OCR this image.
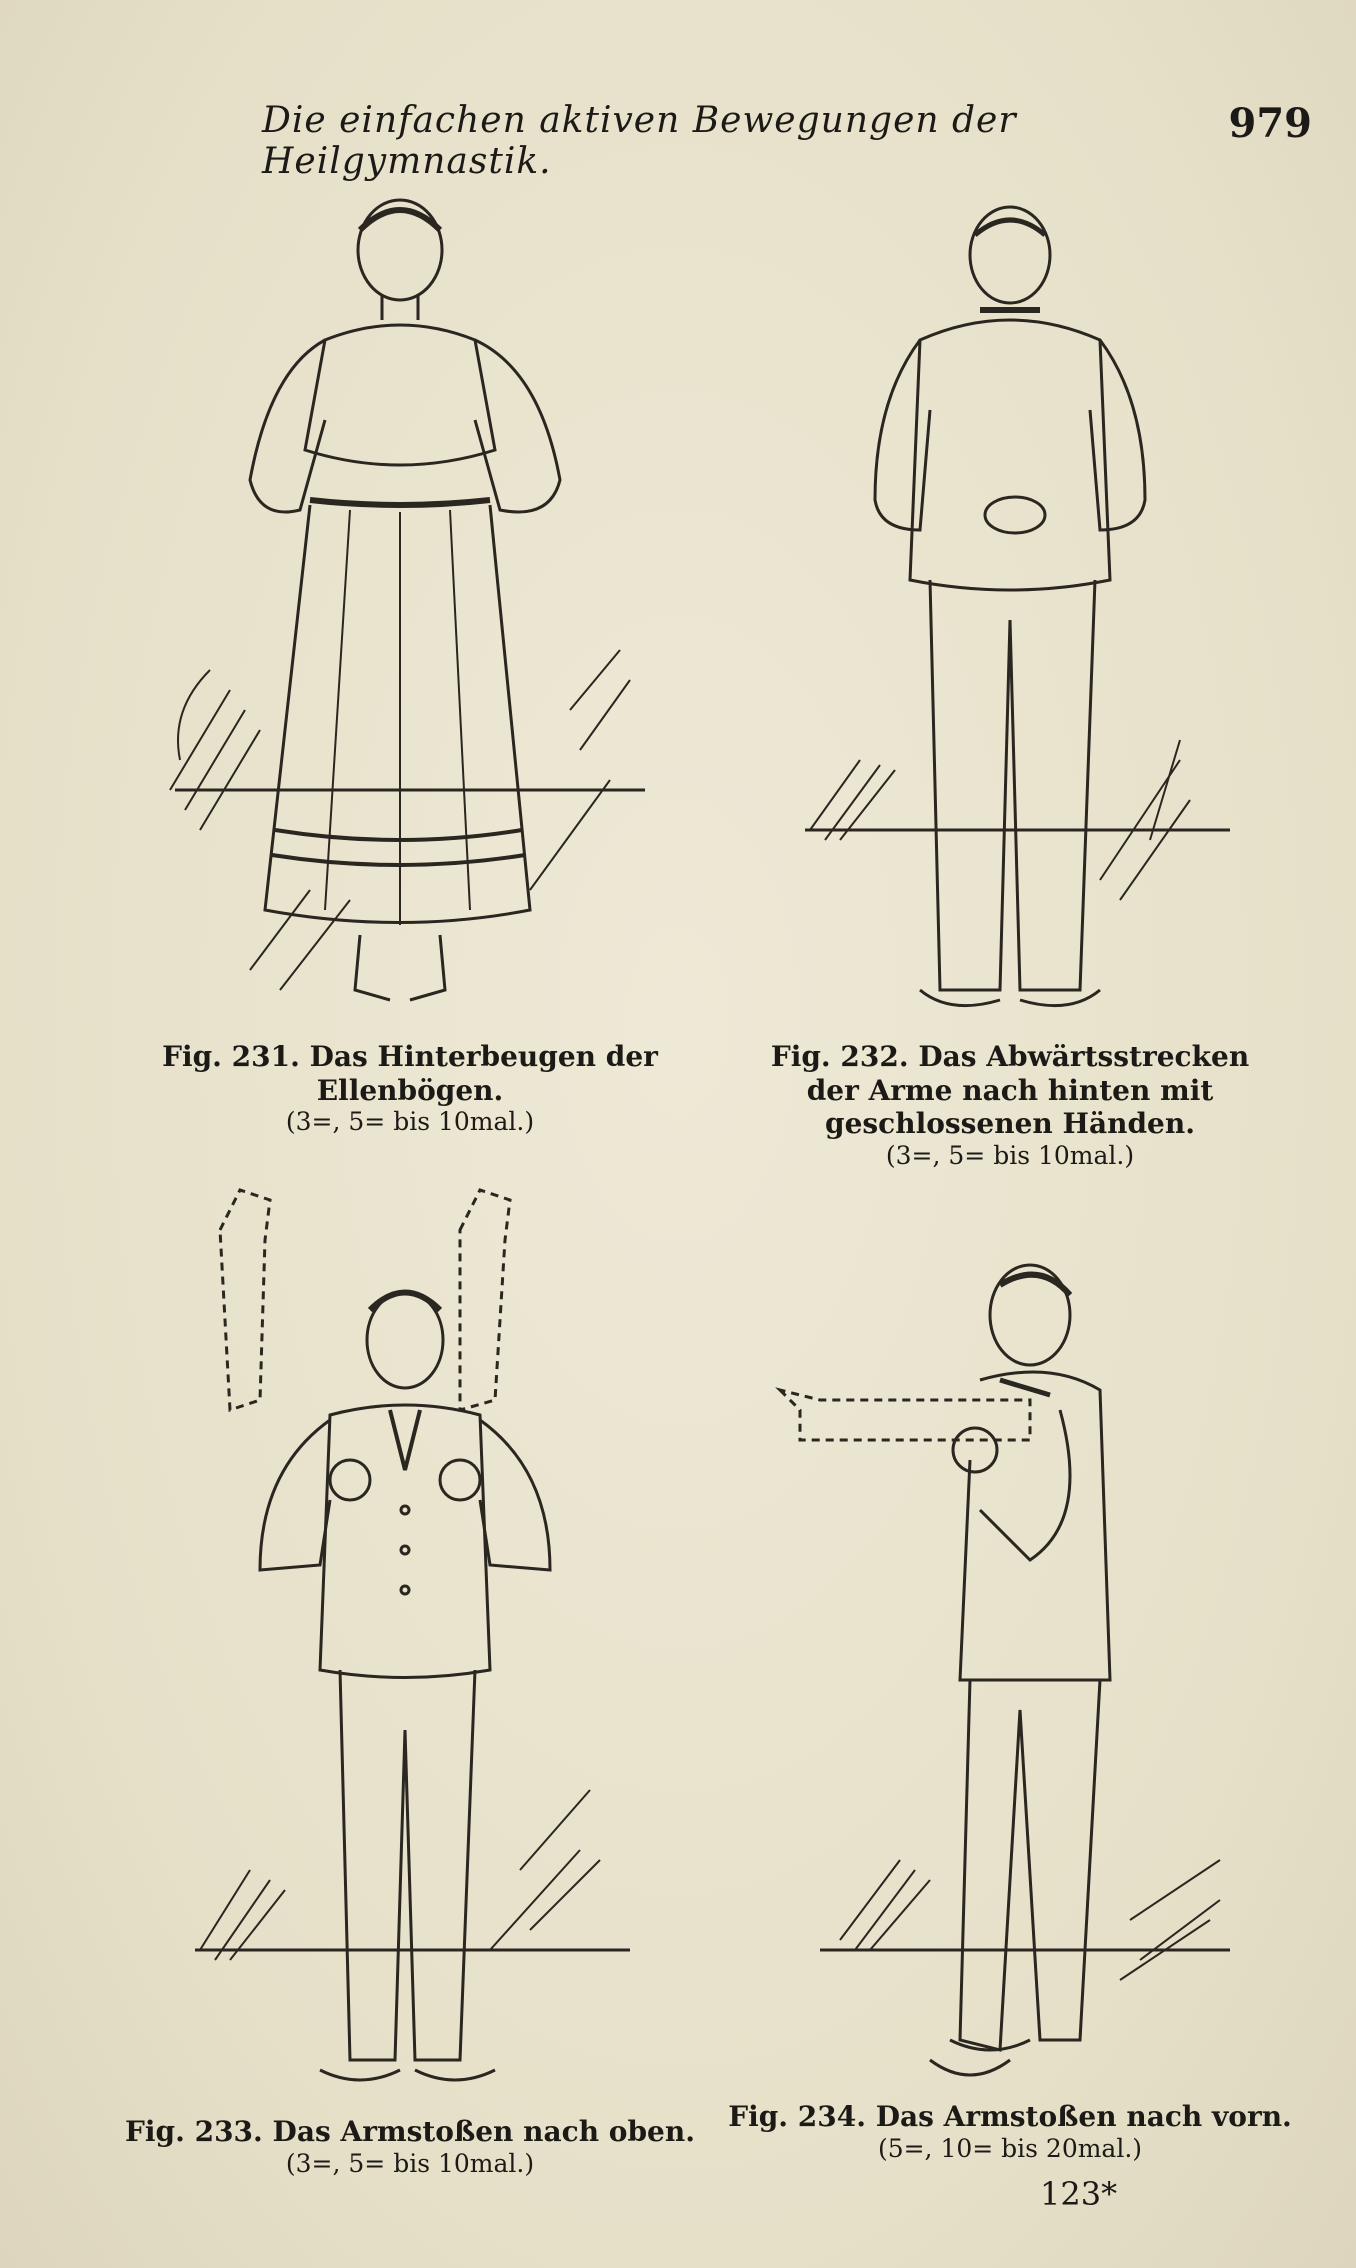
Die einfachen aktiven Bewegungen der Heilgymnastik.
979
Fig. 231. Das Hinterbeugen der Ellenbögen.
(3=, 5= bis 10mal.)
Fig. 232. Das Abwärtsstrecken der Arme nach hinten mit geschlossenen Händen.
(3=, 5= bis 10mal.)
Fig. 233. Das Armstoßen nach oben.
(3=, 5= bis 10mal.)
Fig. 234. Das Armstoßen nach vorn.
(5=, 10= bis 20mal.)
123*
